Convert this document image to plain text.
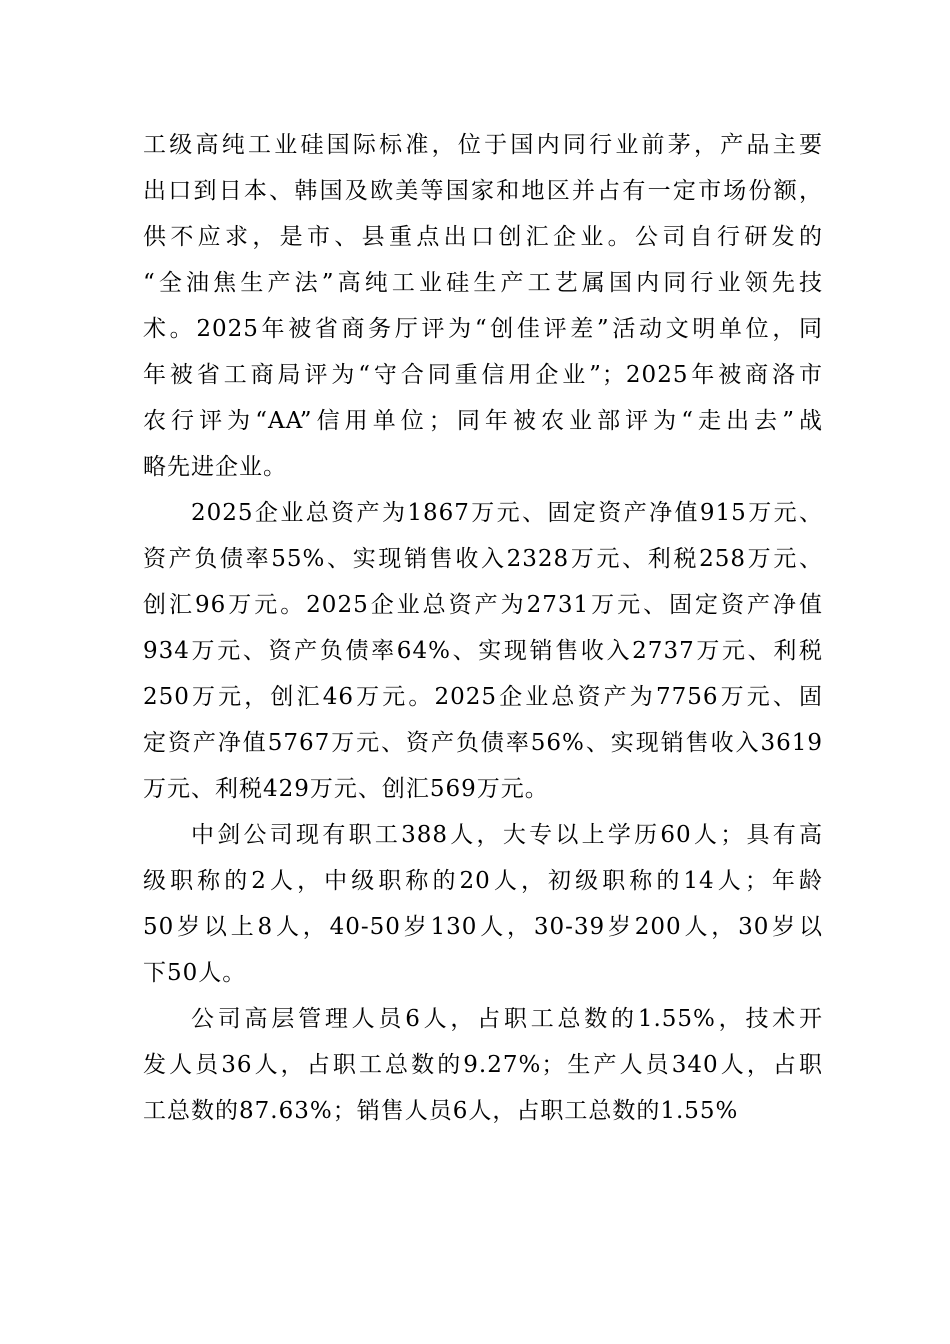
工级高纯工业硅国际标准，位于国内同行业前茅，产品主要
出口到日本、韩国及欧美等国家和地区并占有一定市场份额，
供不应求，是市、县重点出口创汇企业。公司自行研发的
“全油焦生产法”高纯工业硅生产工艺属国内同行业领先技
术。2025年被省商务厅评为“创佳评差”活动文明单位，同
年被省工商局评为“守合同重信用企业”；2025年被商洛市
农行评为“AA”信用单位；同年被农业部评为“走出去”战
略先进企业。
2025企业总资产为1867万元、固定资产净值915万元、
资产负债率55%、实现销售收入2328万元、利税258万元、
创汇96万元。2025企业总资产为2731万元、固定资产净值
934万元、资产负债率64%、实现销售收入2737万元、利税
250万元，创汇46万元。2025企业总资产为7756万元、固
定资产净值5767万元、资产负债率56%、实现销售收入3619
万元、利税429万元、创汇569万元。
中剑公司现有职工388人，大专以上学历60人；具有高
级职称的2人，中级职称的20人，初级职称的14人；年龄
50岁以上8人，40-50岁130人，30-39岁200人，30岁以
下50人。
公司高层管理人员6人，占职工总数的1.55%，技术开
发人员36人，占职工总数的9.27%；生产人员340人，占职
工总数的87.63%；销售人员6人，占职工总数的1.55%
